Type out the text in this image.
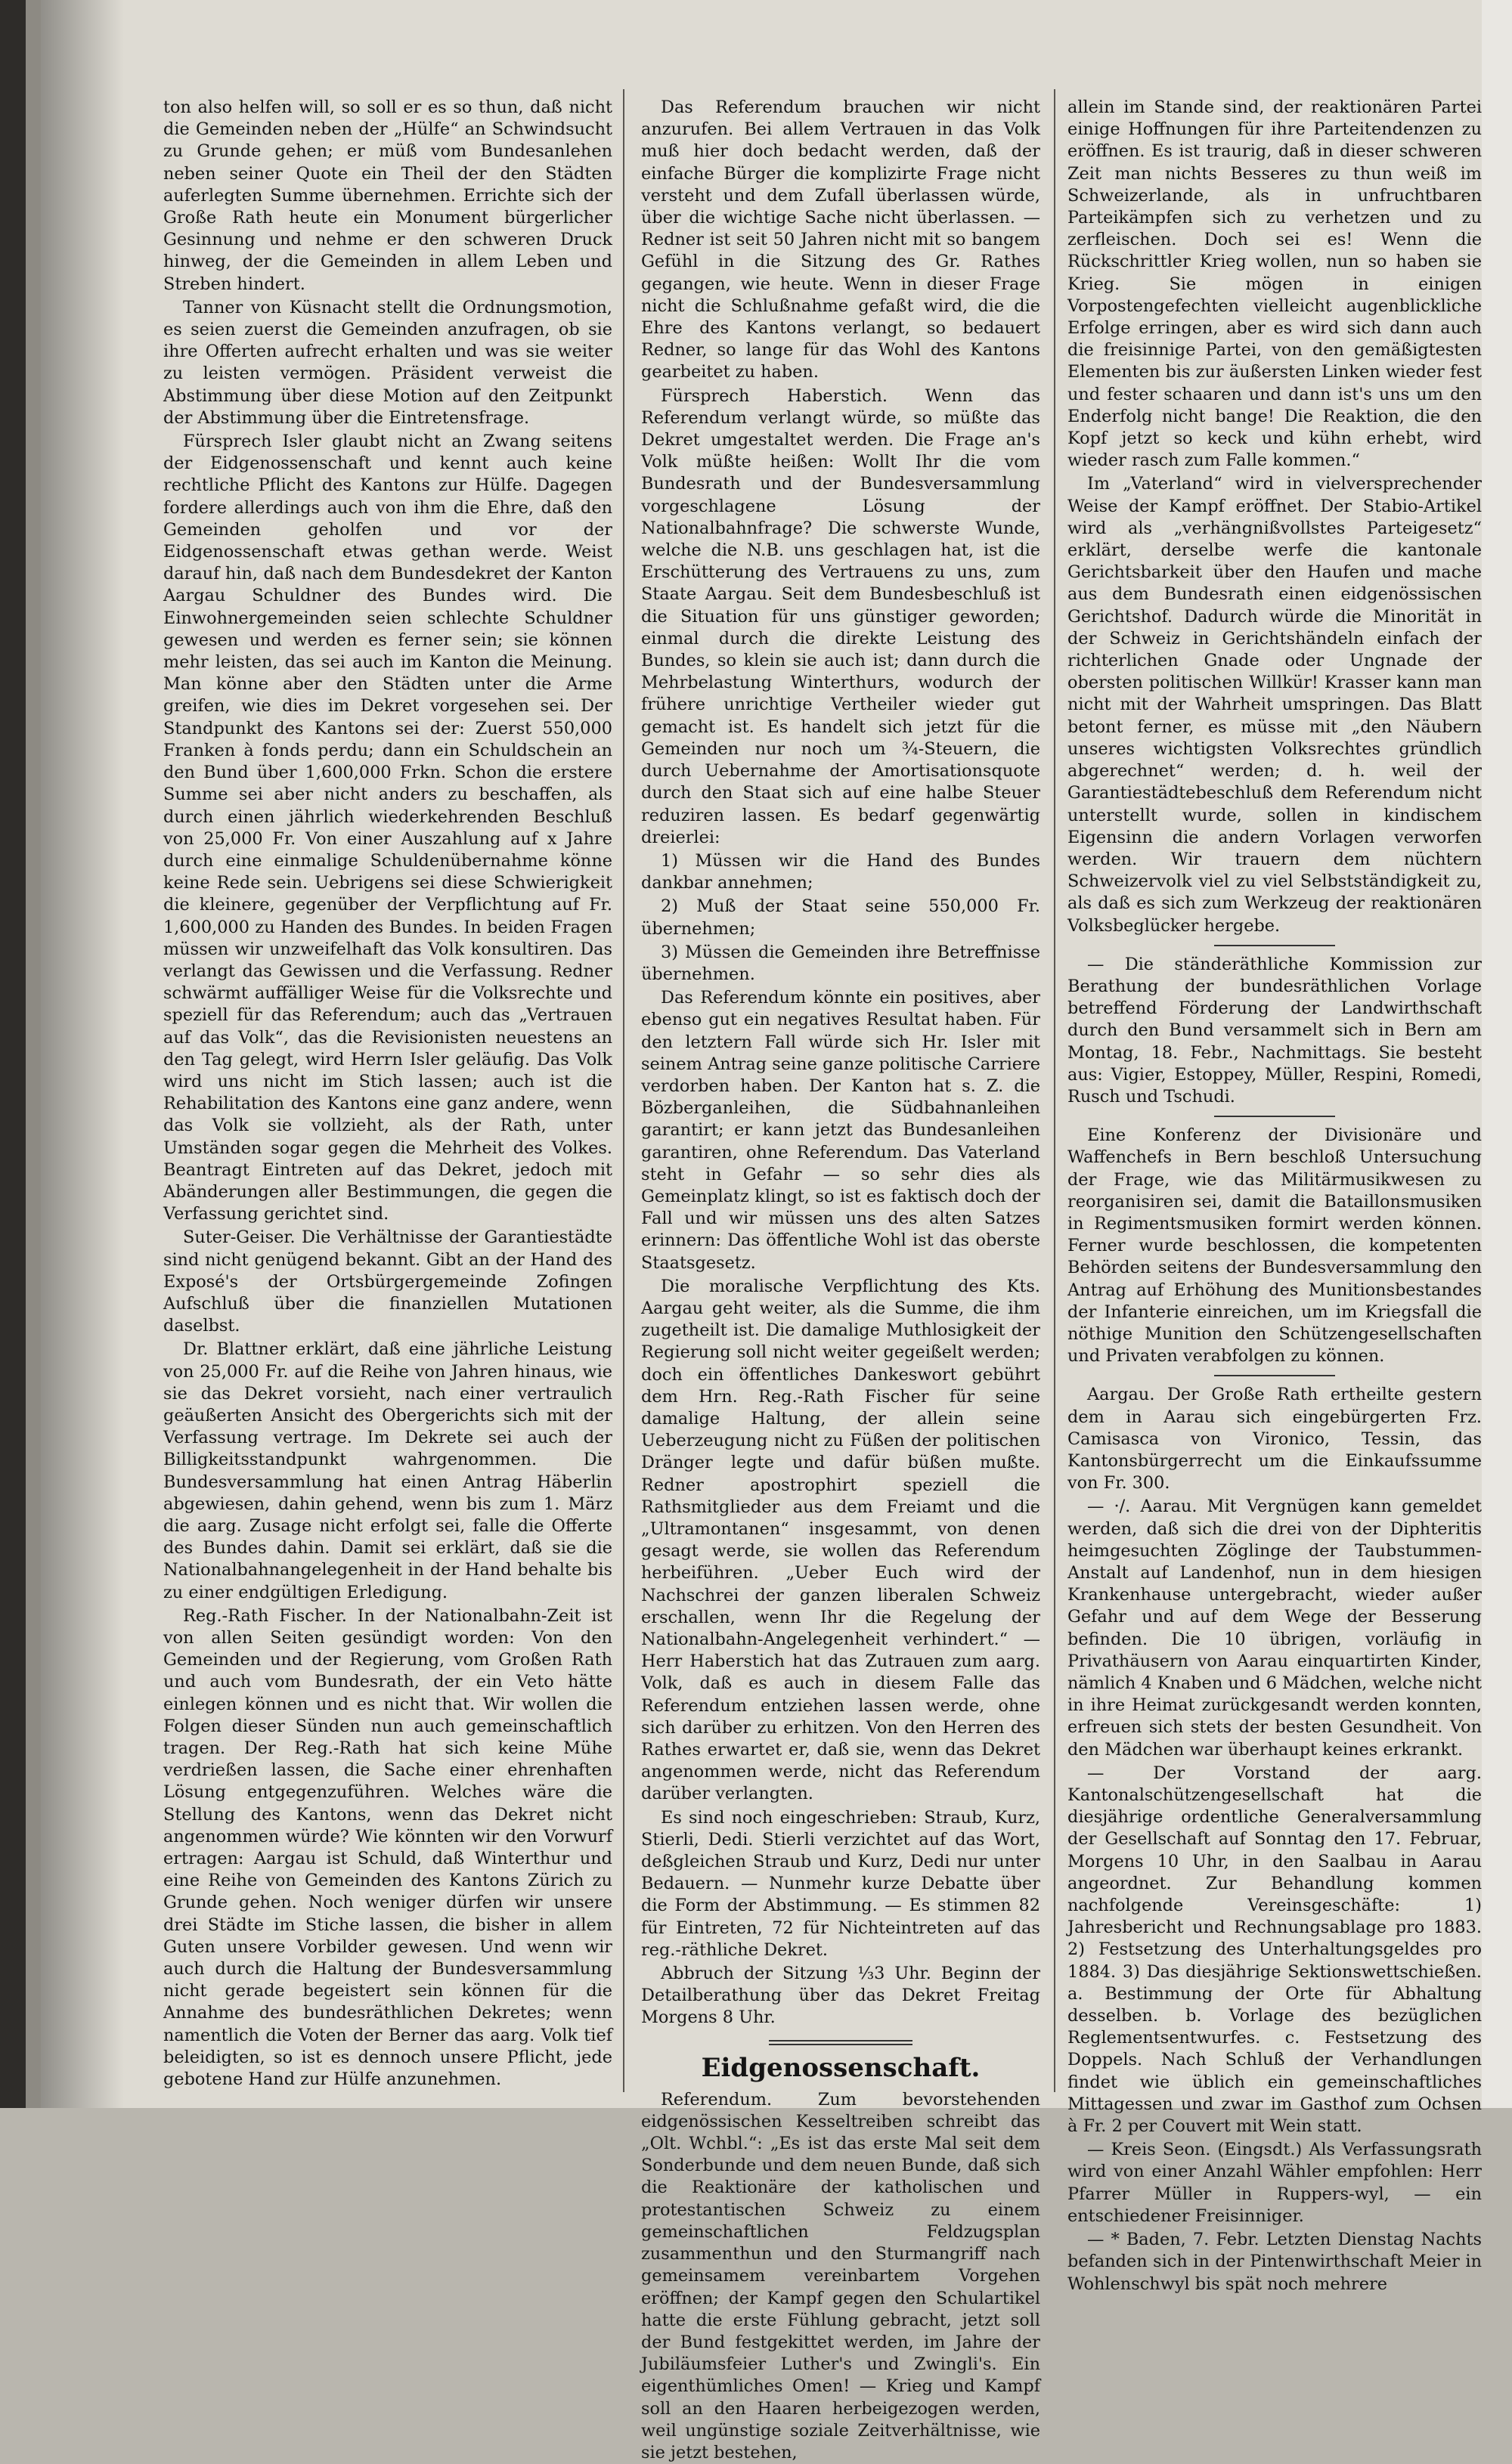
ton also helfen will, so soll er es so thun, daß nicht die Gemeinden neben der „Hülfe“ an Schwindsucht zu Grunde gehen; er müß vom Bundesanlehen neben seiner Quote ein Theil der den Städten auferlegten Summe übernehmen. Errichte sich der Große Rath heute ein Monument bürgerlicher Gesinnung und nehme er den schweren Druck hinweg, der die Gemeinden in allem Leben und Streben hindert.

Tanner von Küsnacht stellt die Ordnungsmotion, es seien zuerst die Gemeinden anzufragen, ob sie ihre Offerten aufrecht erhalten und was sie weiter zu leisten vermögen. Präsident verweist die Abstimmung über diese Motion auf den Zeitpunkt der Abstimmung über die Eintretensfrage.

Fürsprech Isler glaubt nicht an Zwang seitens der Eidgenossenschaft und kennt auch keine rechtliche Pflicht des Kantons zur Hülfe. Dagegen fordere allerdings auch von ihm die Ehre, daß den Gemeinden geholfen und vor der Eidgenossenschaft etwas gethan werde. Weist darauf hin, daß nach dem Bundesdekret der Kanton Aargau Schuldner des Bundes wird. Die Einwohnergemeinden seien schlechte Schuldner gewesen und werden es ferner sein; sie können mehr leisten, das sei auch im Kanton die Meinung. Man könne aber den Städten unter die Arme greifen, wie dies im Dekret vorgesehen sei. Der Standpunkt des Kantons sei der: Zuerst 550,000 Franken à fonds perdu; dann ein Schuldschein an den Bund über 1,600,000 Frkn. Schon die erstere Summe sei aber nicht anders zu beschaffen, als durch einen jährlich wiederkehrenden Beschluß von 25,000 Fr. Von einer Auszahlung auf x Jahre durch eine einmalige Schuldenübernahme könne keine Rede sein. Uebrigens sei diese Schwierigkeit die kleinere, gegenüber der Verpflichtung auf Fr. 1,600,000 zu Handen des Bundes. In beiden Fragen müssen wir unzweifelhaft das Volk konsultiren. Das verlangt das Gewissen und die Verfassung. Redner schwärmt auffälliger Weise für die Volksrechte und speziell für das Referendum; auch das „Vertrauen auf das Volk“, das die Revisionisten neuestens an den Tag gelegt, wird Herrn Isler geläufig. Das Volk wird uns nicht im Stich lassen; auch ist die Rehabilitation des Kantons eine ganz andere, wenn das Volk sie vollzieht, als der Rath, unter Umständen sogar gegen die Mehrheit des Volkes. Beantragt Eintreten auf das Dekret, jedoch mit Abänderungen aller Bestimmungen, die gegen die Verfassung gerichtet sind.

Suter-Geiser. Die Verhältnisse der Garantiestädte sind nicht genügend bekannt. Gibt an der Hand des Exposé's der Ortsbürgergemeinde Zofingen Aufschluß über die finanziellen Mutationen daselbst.

Dr. Blattner erklärt, daß eine jährliche Leistung von 25,000 Fr. auf die Reihe von Jahren hinaus, wie sie das Dekret vorsieht, nach einer vertraulich geäußerten Ansicht des Obergerichts sich mit der Verfassung vertrage. Im Dekrete sei auch der Billigkeitsstandpunkt wahrgenommen. Die Bundesversammlung hat einen Antrag Häberlin abgewiesen, dahin gehend, wenn bis zum 1. März die aarg. Zusage nicht erfolgt sei, falle die Offerte des Bundes dahin. Damit sei erklärt, daß sie die Nationalbahnangelegenheit in der Hand behalte bis zu einer endgültigen Erledigung.

Reg.-Rath Fischer. In der Nationalbahn-Zeit ist von allen Seiten gesündigt worden: Von den Gemeinden und der Regierung, vom Großen Rath und auch vom Bundesrath, der ein Veto hätte einlegen können und es nicht that. Wir wollen die Folgen dieser Sünden nun auch gemeinschaftlich tragen. Der Reg.-Rath hat sich keine Mühe verdrießen lassen, die Sache einer ehrenhaften Lösung entgegenzuführen. Welches wäre die Stellung des Kantons, wenn das Dekret nicht angenommen würde? Wie könnten wir den Vorwurf ertragen: Aargau ist Schuld, daß Winterthur und eine Reihe von Gemeinden des Kantons Zürich zu Grunde gehen. Noch weniger dürfen wir unsere drei Städte im Stiche lassen, die bisher in allem Guten unsere Vorbilder gewesen. Und wenn wir auch durch die Haltung der Bundesversammlung nicht gerade begeistert sein können für die Annahme des bundesräthlichen Dekretes; wenn namentlich die Voten der Berner das aarg. Volk tief beleidigten, so ist es dennoch unsere Pflicht, jede gebotene Hand zur Hülfe anzunehmen.

Das Referendum brauchen wir nicht anzurufen. Bei allem Vertrauen in das Volk muß hier doch bedacht werden, daß der einfache Bürger die komplizirte Frage nicht versteht und dem Zufall überlassen würde, über die wichtige Sache nicht überlassen. — Redner ist seit 50 Jahren nicht mit so bangem Gefühl in die Sitzung des Gr. Rathes gegangen, wie heute. Wenn in dieser Frage nicht die Schlußnahme gefaßt wird, die die Ehre des Kantons verlangt, so bedauert Redner, so lange für das Wohl des Kantons gearbeitet zu haben.

Fürsprech Haberstich. Wenn das Referendum verlangt würde, so müßte das Dekret umgestaltet werden. Die Frage an's Volk müßte heißen: Wollt Ihr die vom Bundesrath und der Bundesversammlung vorgeschlagene Lösung der Nationalbahnfrage? Die schwerste Wunde, welche die N.B. uns geschlagen hat, ist die Erschütterung des Vertrauens zu uns, zum Staate Aargau. Seit dem Bundesbeschluß ist die Situation für uns günstiger geworden; einmal durch die direkte Leistung des Bundes, so klein sie auch ist; dann durch die Mehrbelastung Winterthurs, wodurch der frühere unrichtige Vertheiler wieder gut gemacht ist. Es handelt sich jetzt für die Gemeinden nur noch um ¾-Steuern, die durch Uebernahme der Amortisationsquote durch den Staat sich auf eine halbe Steuer reduziren lassen. Es bedarf gegenwärtig dreierlei:

1) Müssen wir die Hand des Bundes dankbar annehmen;

2) Muß der Staat seine 550,000 Fr. übernehmen;

3) Müssen die Gemeinden ihre Betreffnisse übernehmen.

Das Referendum könnte ein positives, aber ebenso gut ein negatives Resultat haben. Für den letztern Fall würde sich Hr. Isler mit seinem Antrag seine ganze politische Carriere verdorben haben. Der Kanton hat s. Z. die Bözberganleihen, die Südbahnanleihen garantirt; er kann jetzt das Bundesanleihen garantiren, ohne Referendum. Das Vaterland steht in Gefahr — so sehr dies als Gemeinplatz klingt, so ist es faktisch doch der Fall und wir müssen uns des alten Satzes erinnern: Das öffentliche Wohl ist das oberste Staatsgesetz.

Die moralische Verpflichtung des Kts. Aargau geht weiter, als die Summe, die ihm zugetheilt ist. Die damalige Muthlosigkeit der Regierung soll nicht weiter gegeißelt werden; doch ein öffentliches Dankeswort gebührt dem Hrn. Reg.-Rath Fischer für seine damalige Haltung, der allein seine Ueberzeugung nicht zu Füßen der politischen Dränger legte und dafür büßen mußte. Redner apostrophirt speziell die Rathsmitglieder aus dem Freiamt und die „Ultramontanen“ insgesammt, von denen gesagt werde, sie wollen das Referendum herbeiführen. „Ueber Euch wird der Nachschrei der ganzen liberalen Schweiz erschallen, wenn Ihr die Regelung der Nationalbahn-Angelegenheit verhindert.“ — Herr Haberstich hat das Zutrauen zum aarg. Volk, daß es auch in diesem Falle das Referendum entziehen lassen werde, ohne sich darüber zu erhitzen. Von den Herren des Rathes erwartet er, daß sie, wenn das Dekret angenommen werde, nicht das Referendum darüber verlangten.

Es sind noch eingeschrieben: Straub, Kurz, Stierli, Dedi. Stierli verzichtet auf das Wort, deßgleichen Straub und Kurz, Dedi nur unter Bedauern. — Nunmehr kurze Debatte über die Form der Abstimmung. — Es stimmen 82 für Eintreten, 72 für Nichteintreten auf das reg.-räthliche Dekret.

Abbruch der Sitzung ⅓3 Uhr. Beginn der Detailberathung über das Dekret Freitag Morgens 8 Uhr.

Eidgenossenschaft.

Referendum. Zum bevorstehenden eidgenössischen Kesseltreiben schreibt das „Olt. Wchbl.“: „Es ist das erste Mal seit dem Sonderbunde und dem neuen Bunde, daß sich die Reaktionäre der katholischen und protestantischen Schweiz zu einem gemeinschaftlichen Feldzugsplan zusammenthun und den Sturmangriff nach gemeinsamem vereinbartem Vorgehen eröffnen; der Kampf gegen den Schulartikel hatte die erste Fühlung gebracht, jetzt soll der Bund festgekittet werden, im Jahre der Jubiläumsfeier Luther's und Zwingli's. Ein eigenthümliches Omen! — Krieg und Kampf soll an den Haaren herbeigezogen werden, weil ungünstige soziale Zeitverhältnisse, wie sie jetzt bestehen,

allein im Stande sind, der reaktionären Partei einige Hoffnungen für ihre Parteitendenzen zu eröffnen. Es ist traurig, daß in dieser schweren Zeit man nichts Besseres zu thun weiß im Schweizerlande, als in unfruchtbaren Parteikämpfen sich zu verhetzen und zu zerfleischen. Doch sei es! Wenn die Rückschrittler Krieg wollen, nun so haben sie Krieg. Sie mögen in einigen Vorpostengefechten vielleicht augenblickliche Erfolge erringen, aber es wird sich dann auch die freisinnige Partei, von den gemäßigtesten Elementen bis zur äußersten Linken wieder fest und fester schaaren und dann ist's uns um den Enderfolg nicht bange! Die Reaktion, die den Kopf jetzt so keck und kühn erhebt, wird wieder rasch zum Falle kommen.“

Im „Vaterland“ wird in vielversprechender Weise der Kampf eröffnet. Der Stabio-Artikel wird als „verhängnißvollstes Parteigesetz“ erklärt, derselbe werfe die kantonale Gerichtsbarkeit über den Haufen und mache aus dem Bundesrath einen eidgenössischen Gerichtshof. Dadurch würde die Minorität in der Schweiz in Gerichtshändeln einfach der richterlichen Gnade oder Ungnade der obersten politischen Willkür! Krasser kann man nicht mit der Wahrheit umspringen. Das Blatt betont ferner, es müsse mit „den Näubern unseres wichtigsten Volksrechtes gründlich abgerechnet“ werden; d. h. weil der Garantiestädtebeschluß dem Referendum nicht unterstellt wurde, sollen in kindischem Eigensinn die andern Vorlagen verworfen werden. Wir trauern dem nüchtern Schweizervolk viel zu viel Selbstständigkeit zu, als daß es sich zum Werkzeug der reaktionären Volksbeglücker hergebe.

— Die ständeräthliche Kommission zur Berathung der bundesräthlichen Vorlage betreffend Förderung der Landwirthschaft durch den Bund versammelt sich in Bern am Montag, 18. Febr., Nachmittags. Sie besteht aus: Vigier, Estoppey, Müller, Respini, Romedi, Rusch und Tschudi.

Eine Konferenz der Divisionäre und Waffenchefs in Bern beschloß Untersuchung der Frage, wie das Militärmusikwesen zu reorganisiren sei, damit die Bataillonsmusiken in Regimentsmusiken formirt werden können. Ferner wurde beschlossen, die kompetenten Behörden seitens der Bundesversammlung den Antrag auf Erhöhung des Munitionsbestandes der Infanterie einreichen, um im Kriegsfall die nöthige Munition den Schützengesellschaften und Privaten verabfolgen zu können.

Aargau. Der Große Rath ertheilte gestern dem in Aarau sich eingebürgerten Frz. Camisasca von Vironico, Tessin, das Kantonsbürgerrecht um die Einkaufssumme von Fr. 300.

— ·/. Aarau. Mit Vergnügen kann gemeldet werden, daß sich die drei von der Diphteritis heimgesuchten Zöglinge der Taubstummen-Anstalt auf Landenhof, nun in dem hiesigen Krankenhause untergebracht, wieder außer Gefahr und auf dem Wege der Besserung befinden. Die 10 übrigen, vorläufig in Privathäusern von Aarau einquartirten Kinder, nämlich 4 Knaben und 6 Mädchen, welche nicht in ihre Heimat zurückgesandt werden konnten, erfreuen sich stets der besten Gesundheit. Von den Mädchen war überhaupt keines erkrankt.

— Der Vorstand der aarg. Kantonalschützengesellschaft hat die diesjährige ordentliche Generalversammlung der Gesellschaft auf Sonntag den 17. Februar, Morgens 10 Uhr, in den Saalbau in Aarau angeordnet. Zur Behandlung kommen nachfolgende Vereinsgeschäfte: 1) Jahresbericht und Rechnungsablage pro 1883. 2) Festsetzung des Unterhaltungsgeldes pro 1884. 3) Das diesjährige Sektionswettschießen. a. Bestimmung der Orte für Abhaltung desselben. b. Vorlage des bezüglichen Reglementsentwurfes. c. Festsetzung des Doppels. Nach Schluß der Verhandlungen findet wie üblich ein gemeinschaftliches Mittagessen und zwar im Gasthof zum Ochsen à Fr. 2 per Couvert mit Wein statt.

— Kreis Seon. (Eingsdt.) Als Verfassungsrath wird von einer Anzahl Wähler empfohlen: Herr Pfarrer Müller in Ruppers-wyl, — ein entschiedener Freisinniger.

— * Baden, 7. Febr. Letzten Dienstag Nachts befanden sich in der Pintenwirthschaft Meier in Wohlenschwyl bis spät noch mehrere
